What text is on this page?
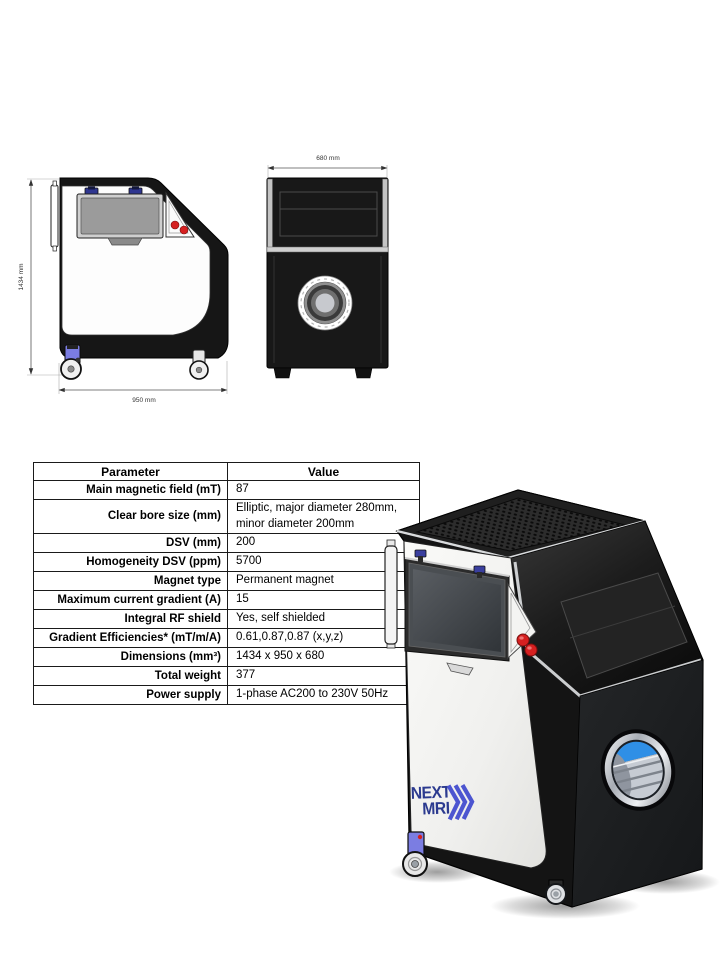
1434 mm
950 mm
680 mm
Parameter	Value
Main magnetic field (mT)	87
Clear bore size (mm)	Elliptic, major diameter 280mm, minor diameter 200mm
DSV (mm)	200
Homogeneity DSV (ppm)	5700
Magnet type	Permanent magnet
Maximum current gradient (A)	15
Integral RF shield	Yes, self shielded
Gradient Efficiencies* (mT/m/A)	0.61,0.87,0.87 (x,y,z)
Dimensions (mm³)	1434 x 950 x 680
Total weight	377
Power supply	1-phase AC200 to 230V 50Hz
NEXT
MRI
